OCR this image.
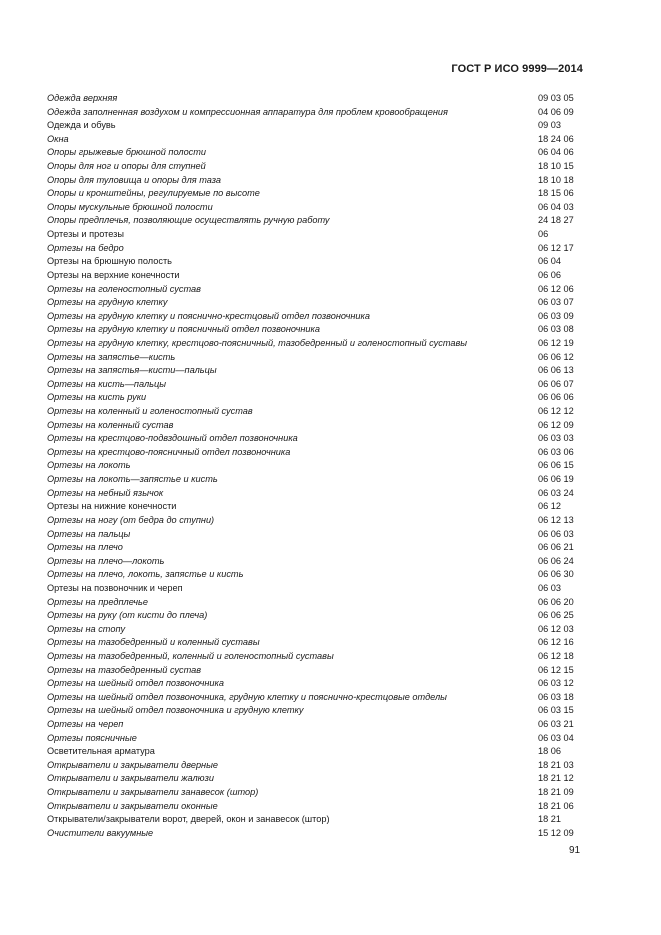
ГОСТ Р ИСО 9999—2014
Одежда верхняя	09 03 05
Одежда заполненная воздухом и компрессионная аппаратура для проблем кровообращения	04 06 09
Одежда и обувь	09 03
Окна	18 24 06
Опоры грыжевые брюшной полости	06 04 06
Опоры для ног и опоры для ступней	18 10 15
Опоры для туловища и опоры для таза	18 10 18
Опоры и кронштейны, регулируемые по высоте	18 15 06
Опоры мускульные брюшной полости	06 04 03
Опоры предплечья, позволяющие осуществлять ручную работу	24 18 27
Ортезы и протезы	06
Ортезы на бедро	06 12 17
Ортезы на брюшную полость	06 04
Ортезы на верхние конечности	06 06
Ортезы на голеностопный сустав	06 12 06
Ортезы на грудную клетку	06 03 07
Ортезы на грудную клетку и пояснично-крестцовый отдел позвоночника	06 03 09
Ортезы на грудную клетку и поясничный отдел позвоночника	06 03 08
Ортезы на грудную клетку, крестцово-поясничный, тазобедренный и голеностопный суставы	06 12 19
Ортезы на запястье—кисть	06 06 12
Ортезы на запястья—кисти—пальцы	06 06 13
Ортезы на кисть—пальцы	06 06 07
Ортезы на кисть руки	06 06 06
Ортезы на коленный и голеностопный сустав	06 12 12
Ортезы на коленный сустав	06 12 09
Ортезы на крестцово-подвздошный отдел позвоночника	06 03 03
Ортезы на крестцово-поясничный отдел позвоночника	06 03 06
Ортезы на локоть	06 06 15
Ортезы на локоть—запястье и кисть	06 06 19
Ортезы на небный язычок	06 03 24
Ортезы на нижние конечности	06 12
Ортезы на ногу (от бедра до ступни)	06 12 13
Ортезы на пальцы	06 06 03
Ортезы на плечо	06 06 21
Ортезы на плечо—локоть	06 06 24
Ортезы на плечо, локоть, запястье и кисть	06 06 30
Ортезы на позвоночник и череп	06 03
Ортезы на предплечье	06 06 20
Ортезы на руку (от кисти до плеча)	06 06 25
Ортезы на стопу	06 12 03
Ортезы на тазобедренный и коленный суставы	06 12 16
Ортезы на тазобедренный, коленный и голеностопный суставы	06 12 18
Ортезы на тазобедренный сустав	06 12 15
Ортезы на шейный отдел позвоночника	06 03 12
Ортезы на шейный отдел позвоночника, грудную клетку и пояснично-крестцовые отделы	06 03 18
Ортезы на шейный отдел позвоночника и грудную клетку	06 03 15
Ортезы на череп	06 03 21
Ортезы поясничные	06 03 04
Осветительная арматура	18 06
Открыватели и закрыватели дверные	18 21 03
Открыватели и закрыватели жалюзи	18 21 12
Открыватели и закрыватели занавесок (штор)	18 21 09
Открыватели и закрыватели оконные	18 21 06
Открыватели/закрыватели ворот, дверей, окон и занавесок (штор)	18 21
Очистители вакуумные	15 12 09
91
